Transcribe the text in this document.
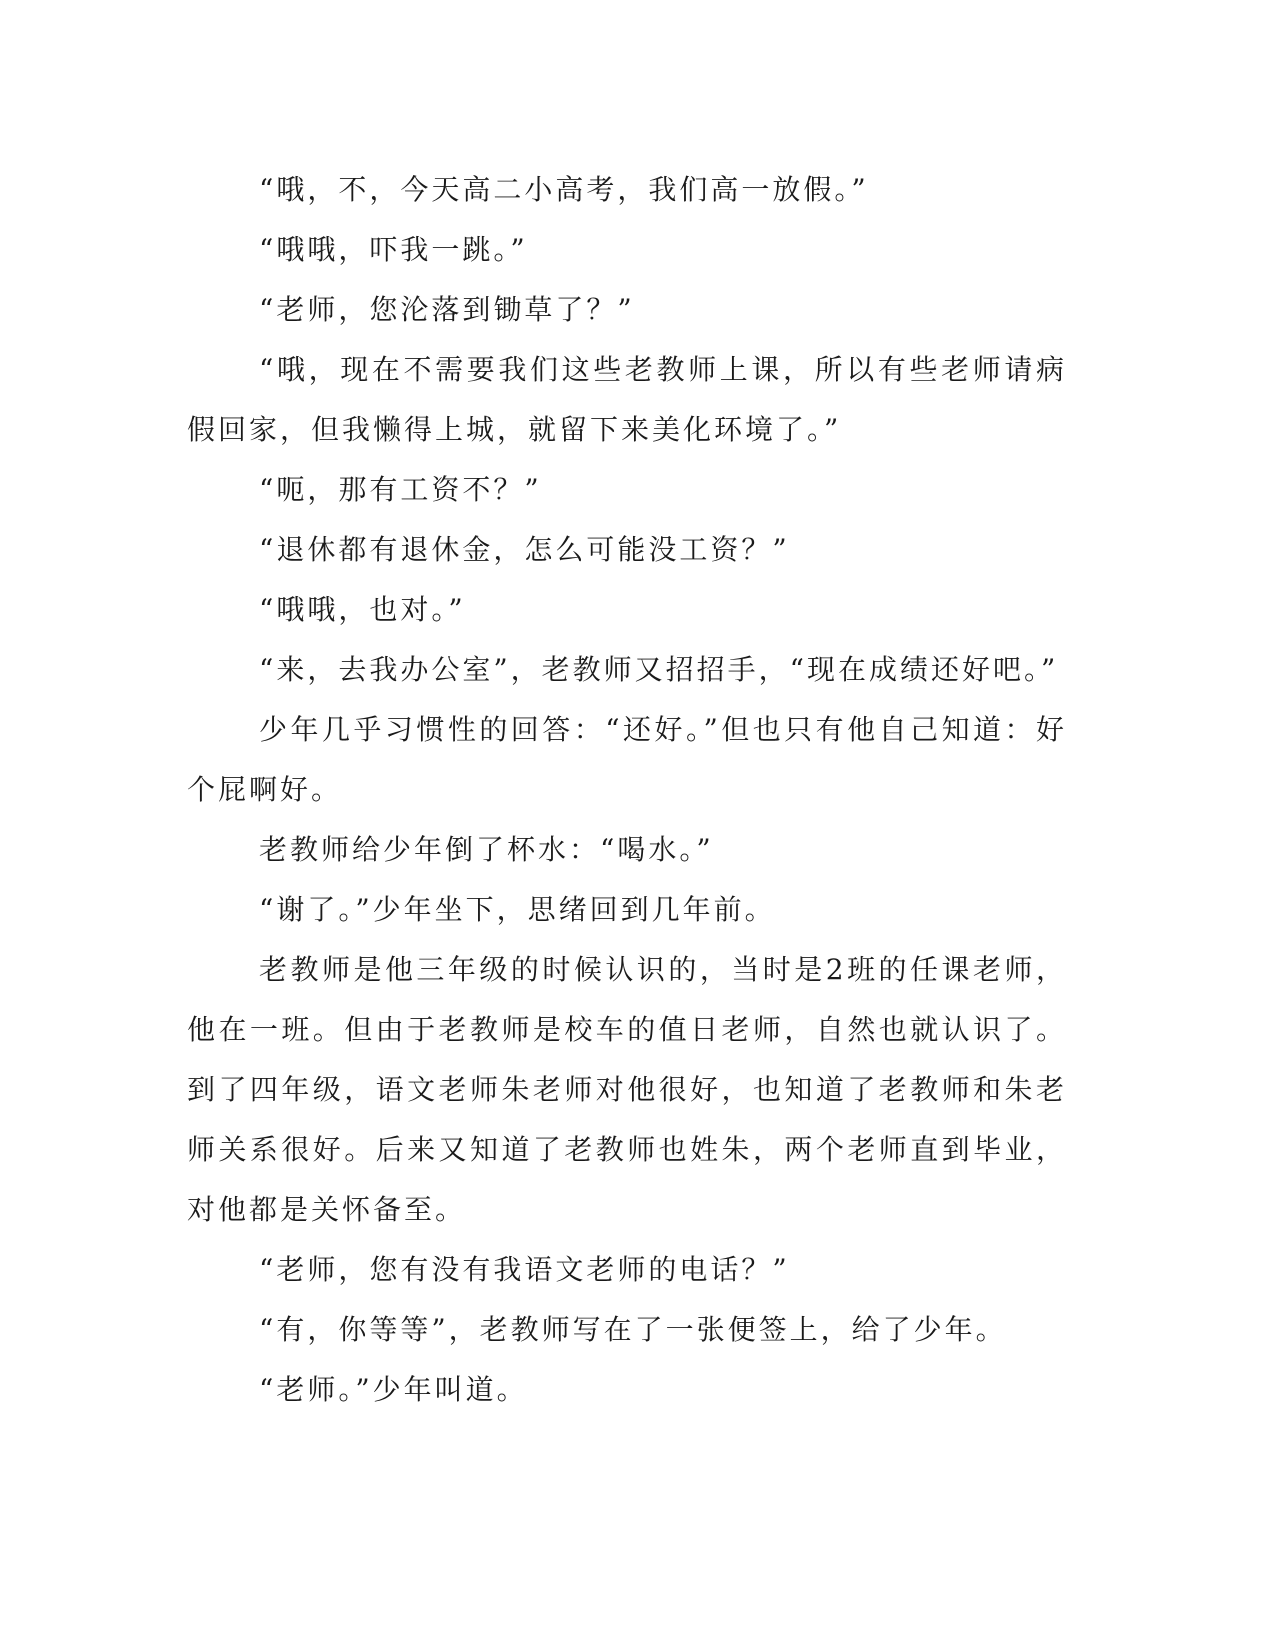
“哦，不，今天高二小高考，我们高一放假。”

“哦哦，吓我一跳。”

“老师，您沦落到锄草了？”

“哦，现在不需要我们这些老教师上课，所以有些老师请病假回家，但我懒得上城，就留下来美化环境了。”

“呃，那有工资不？”

“退休都有退休金，怎么可能没工资？”

“哦哦，也对。”

“来，去我办公室”，老教师又招招手，“现在成绩还好吧。”

少年几乎习惯性的回答：“还好。”但也只有他自己知道：好个屁啊好。

老教师给少年倒了杯水：“喝水。”

“谢了。”少年坐下，思绪回到几年前。

老教师是他三年级的时候认识的，当时是2班的任课老师，他在一班。但由于老教师是校车的值日老师，自然也就认识了。到了四年级，语文老师朱老师对他很好，也知道了老教师和朱老师关系很好。后来又知道了老教师也姓朱，两个老师直到毕业，对他都是关怀备至。

“老师，您有没有我语文老师的电话？”

“有，你等等”，老教师写在了一张便签上，给了少年。

“老师。”少年叫道。
